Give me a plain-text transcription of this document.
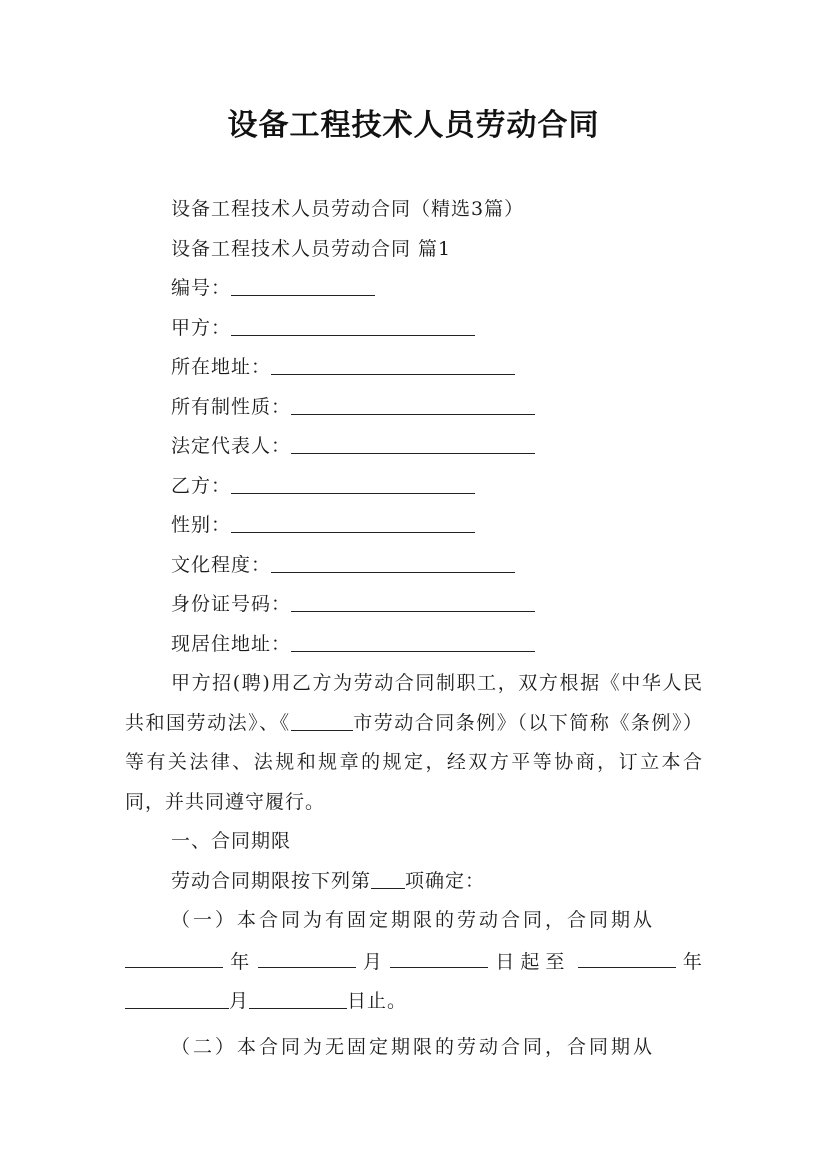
设备工程技术人员劳动合同
设备工程技术人员劳动合同（精选3篇）
设备工程技术人员劳动合同 篇1
编号：
甲方：
所在地址：
所有制性质：
法定代表人：
乙方：
性别：
文化程度：
身份证号码：
现居住地址：
甲方招(聘)用乙方为劳动合同制职工，双方根据《中华人民共和国劳动法》、《	市劳动合同条例》（以下简称《条例》）等有关法律、法规和规章的规定，经双方平等协商，订立本合同，并共同遵守履行。
一、合同期限
劳动合同期限按下列第 项确定：
（一）本合同为有固定期限的劳动合同，合同期从
年	月	日起至	年
月	日止。
（二）本合同为无固定期限的劳动合同，合同期从
